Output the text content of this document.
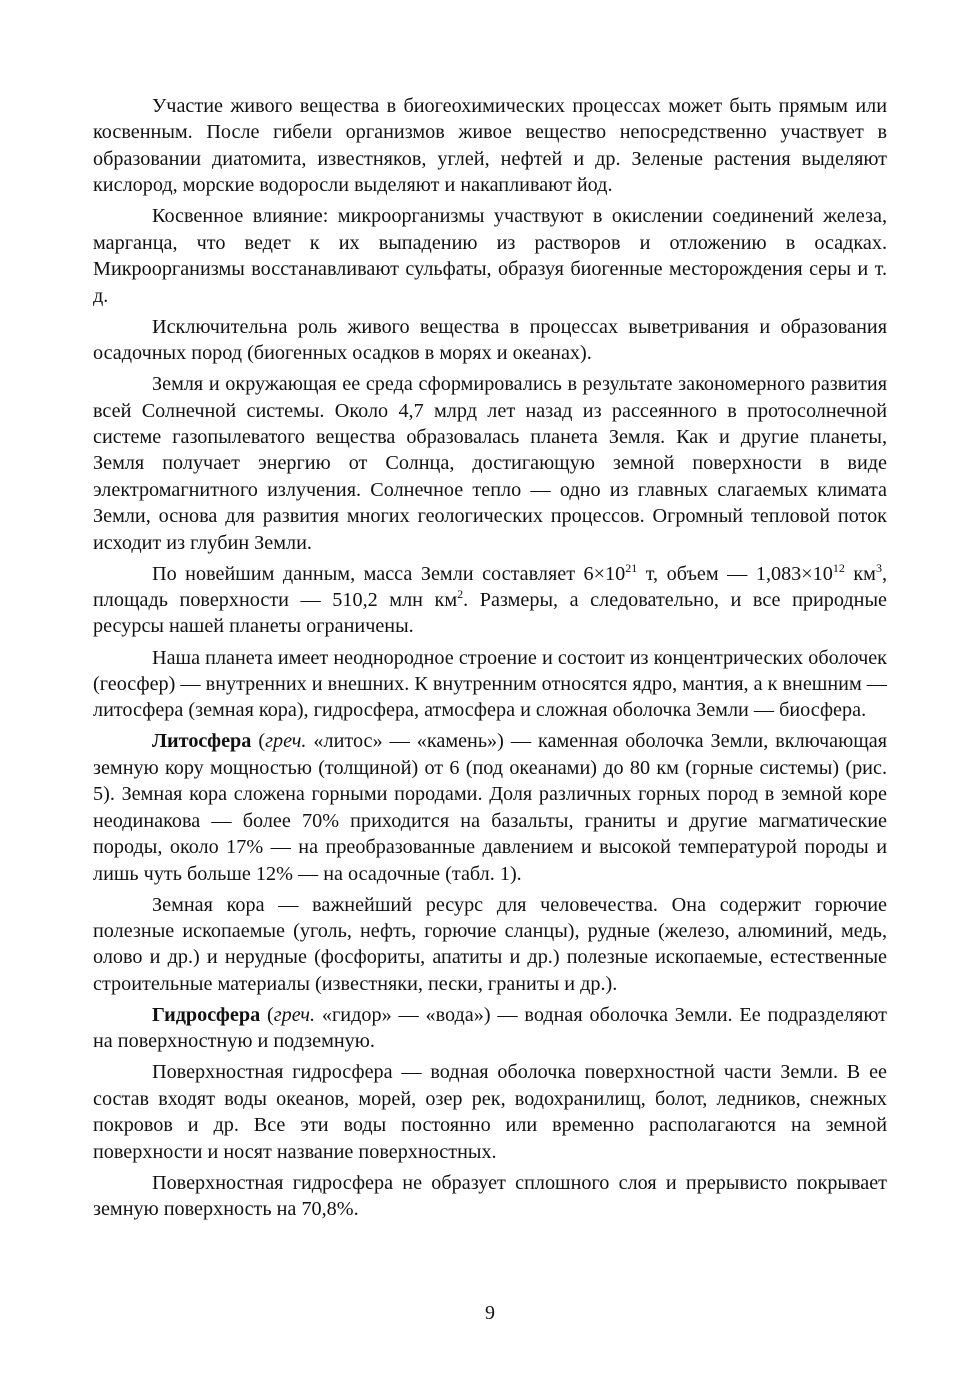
Участие живого вещества в биогеохимических процессах может быть прямым или косвенным. После гибели организмов живое вещество непосредственно участвует в образовании диатомита, известняков, углей, нефтей и др. Зеленые растения выделяют кислород, морские водоросли выделяют и накапливают йод.

Косвенное влияние: микроорганизмы участвуют в окислении соединений железа, марганца, что ведет к их выпадению из растворов и отложению в осадках. Микроорганизмы восстанавливают сульфаты, образуя биогенные месторождения серы и т. д.

Исключительна роль живого вещества в процессах выветривания и образования осадочных пород (биогенных осадков в морях и океанах).

Земля и окружающая ее среда сформировались в результате закономерного развития всей Солнечной системы. Около 4,7 млрд лет назад из рассеянного в протосолнечной системе газопылеватого вещества образовалась планета Земля. Как и другие планеты, Земля получает энергию от Солнца, достигающую земной поверхности в виде электромагнитного излучения. Солнечное тепло — одно из главных слагаемых климата Земли, основа для развития многих геологических процессов. Огромный тепловой поток исходит из глубин Земли.

По новейшим данным, масса Земли составляет $6\times 10^{21}$ т, объем — $1,083\times 10^{12}$ $км^3$, площадь поверхности — 510,2 млн $км^2$. Размеры, а следовательно, и все природные ресурсы нашей планеты ограничены.

Наша планета имеет неоднородное строение и состоит из концентрических оболочек (геосфер) — внутренних и внешних. К внутренним относятся ядро, мантия, а к внешним — литосфера (земная кора), гидросфера, атмосфера и сложная оболочка Земли — биосфера.

Литосфера (греч. «литос» — «камень») — каменная оболочка Земли, включающая земную кору мощностью (толщиной) от 6 (под океанами) до 80 км (горные системы) (рис. 5). Земная кора сложена горными породами. Доля различных горных пород в земной коре неодинакова — более 70% приходится на базальты, граниты и другие магматические породы, около 17% — на преобразованные давлением и высокой температурой породы и лишь чуть больше 12% — на осадочные (табл. 1).

Земная кора — важнейший ресурс для человечества. Она содержит горючие полезные ископаемые (уголь, нефть, горючие сланцы), рудные (железо, алюминий, медь, олово и др.) и нерудные (фосфориты, апатиты и др.) полезные ископаемые, естественные строительные материалы (известняки, пески, граниты и др.).

Гидросфера (греч. «гидор» — «вода») — водная оболочка Земли. Ее подразделяют на поверхностную и подземную.

Поверхностная гидросфера — водная оболочка поверхностной части Земли. В ее состав входят воды океанов, морей, озер рек, водохранилищ, болот, ледников, снежных покровов и др. Все эти воды постоянно или временно располагаются на земной поверхности и носят название поверхностных.

Поверхностная гидросфера не образует сплошного слоя и прерывисто покрывает земную поверхность на 70,8%.

9
